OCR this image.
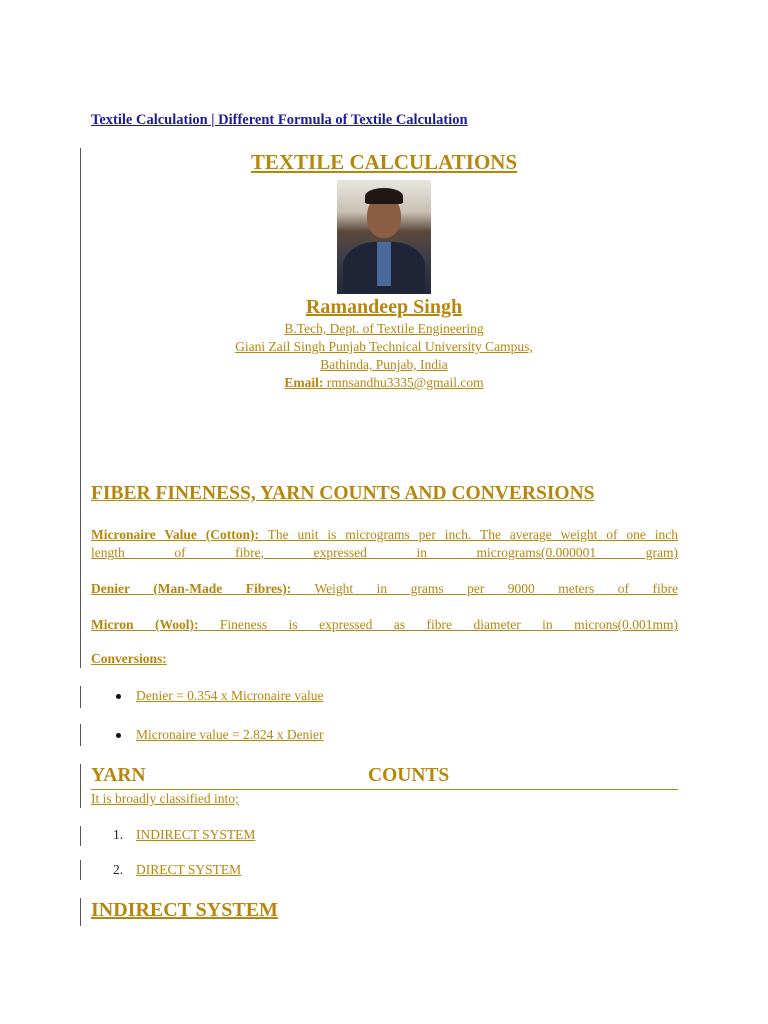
Textile Calculation | Different Formula of Textile Calculation
TEXTILE CALCULATIONS
Ramandeep Singh
B.Tech, Dept. of Textile Engineering
Giani Zail Singh Punjab Technical University Campus,
Bathinda, Punjab, India
Email: rmnsandhu3335@gmail.com
FIBER FINENESS, YARN COUNTS AND CONVERSIONS
Micronaire Value (Cotton): The unit is micrograms per inch. The average weight of one inch
length of fibre, expressed in micrograms(0.000001 gram)
Denier (Man-Made Fibres): Weight in grams per 9000 meters of fibre
Micron (Wool): Fineness is expressed as fibre diameter in microns(0.001mm)
Conversions:
Denier = 0.354 x Micronaire value
Micronaire value = 2.824 x Denier
YARN	COUNTS
It is broadly classified into;
1. INDIRECT SYSTEM
2. DIRECT SYSTEM
INDIRECT SYSTEM
